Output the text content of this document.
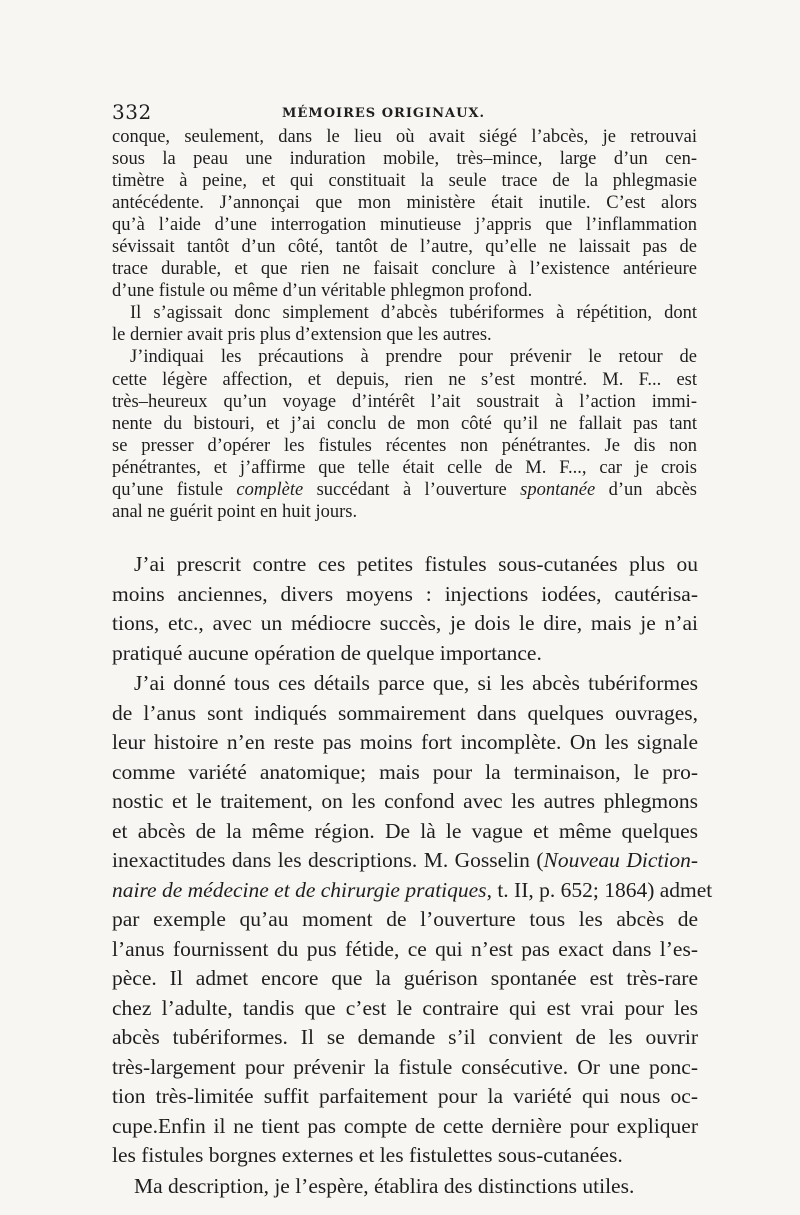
332	MÉMOIRES ORIGINAUX.

conque, seulement, dans le lieu où avait siégé l’abcès, je retrouvai
sous la peau une induration mobile, très–mince, large d’un cen-
timètre à peine, et qui constituait la seule trace de la phlegmasie
antécédente. J’annonçai que mon ministère était inutile. C’est alors
qu’à l’aide d’une interrogation minutieuse j’appris que l’inflammation
sévissait tantôt d’un côté, tantôt de l’autre, qu’elle ne laissait pas de
trace durable, et que rien ne faisait conclure à l’existence antérieure
d’une fistule ou même d’un véritable phlegmon profond.

Il s’agissait donc simplement d’abcès tubériformes à répétition, dont
le dernier avait pris plus d’extension que les autres.

J’indiquai les précautions à prendre pour prévenir le retour de
cette légère affection, et depuis, rien ne s’est montré. M. F... est
très–heureux qu’un voyage d’intérêt l’ait soustrait à l’action immi-
nente du bistouri, et j’ai conclu de mon côté qu’il ne fallait pas tant
se presser d’opérer les fistules récentes non pénétrantes. Je dis non
pénétrantes, et j’affirme que telle était celle de M. F..., car je crois
qu’une fistule complète succédant à l’ouverture spontanée d’un abcès
anal ne guérit point en huit jours.

J’ai prescrit contre ces petites fistules sous-cutanées plus ou
moins anciennes, divers moyens : injections iodées, cautérisa-
tions, etc., avec un médiocre succès, je dois le dire, mais je n’ai
pratiqué aucune opération de quelque importance.

J’ai donné tous ces détails parce que, si les abcès tubériformes
de l’anus sont indiqués sommairement dans quelques ouvrages,
leur histoire n’en reste pas moins fort incomplète. On les signale
comme variété anatomique; mais pour la terminaison, le pro-
nostic et le traitement, on les confond avec les autres phlegmons
et abcès de la même région. De là le vague et même quelques
inexactitudes dans les descriptions. M. Gosselin (Nouveau Diction-
naire de médecine et de chirurgie pratiques, t. II, p. 652; 1864) admet
par exemple qu’au moment de l’ouverture tous les abcès de
l’anus fournissent du pus fétide, ce qui n’est pas exact dans l’es-
pèce. Il admet encore que la guérison spontanée est très-rare
chez l’adulte, tandis que c’est le contraire qui est vrai pour les
abcès tubériformes. Il se demande s’il convient de les ouvrir
très-largement pour prévenir la fistule consécutive. Or une ponc-
tion très-limitée suffit parfaitement pour la variété qui nous oc-
cupe.Enfin il ne tient pas compte de cette dernière pour expliquer
les fistules borgnes externes et les fistulettes sous-cutanées.

Ma description, je l’espère, établira des distinctions utiles.
